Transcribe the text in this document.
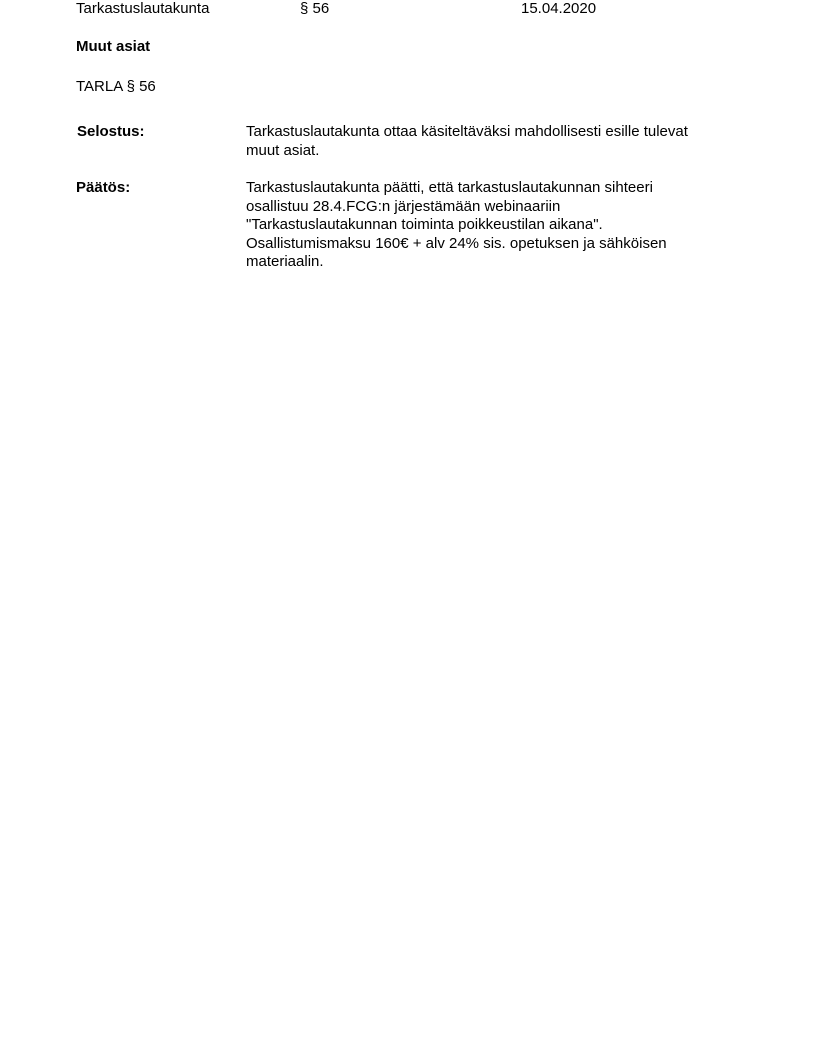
Tarkastuslautakunta	§ 56	15.04.2020
Muut asiat
TARLA § 56
Selostus:	Tarkastuslautakunta ottaa käsiteltäväksi mahdollisesti esille tulevat
muut asiat.
Päätös:	Tarkastuslautakunta päätti, että tarkastuslautakunnan sihteeri
osallistuu 28.4.FCG:n järjestämään webinaariin
"Tarkastuslautakunnan toiminta poikkeustilan aikana".
Osallistumismaksu 160€ + alv 24% sis. opetuksen ja sähköisen
materiaalin.
